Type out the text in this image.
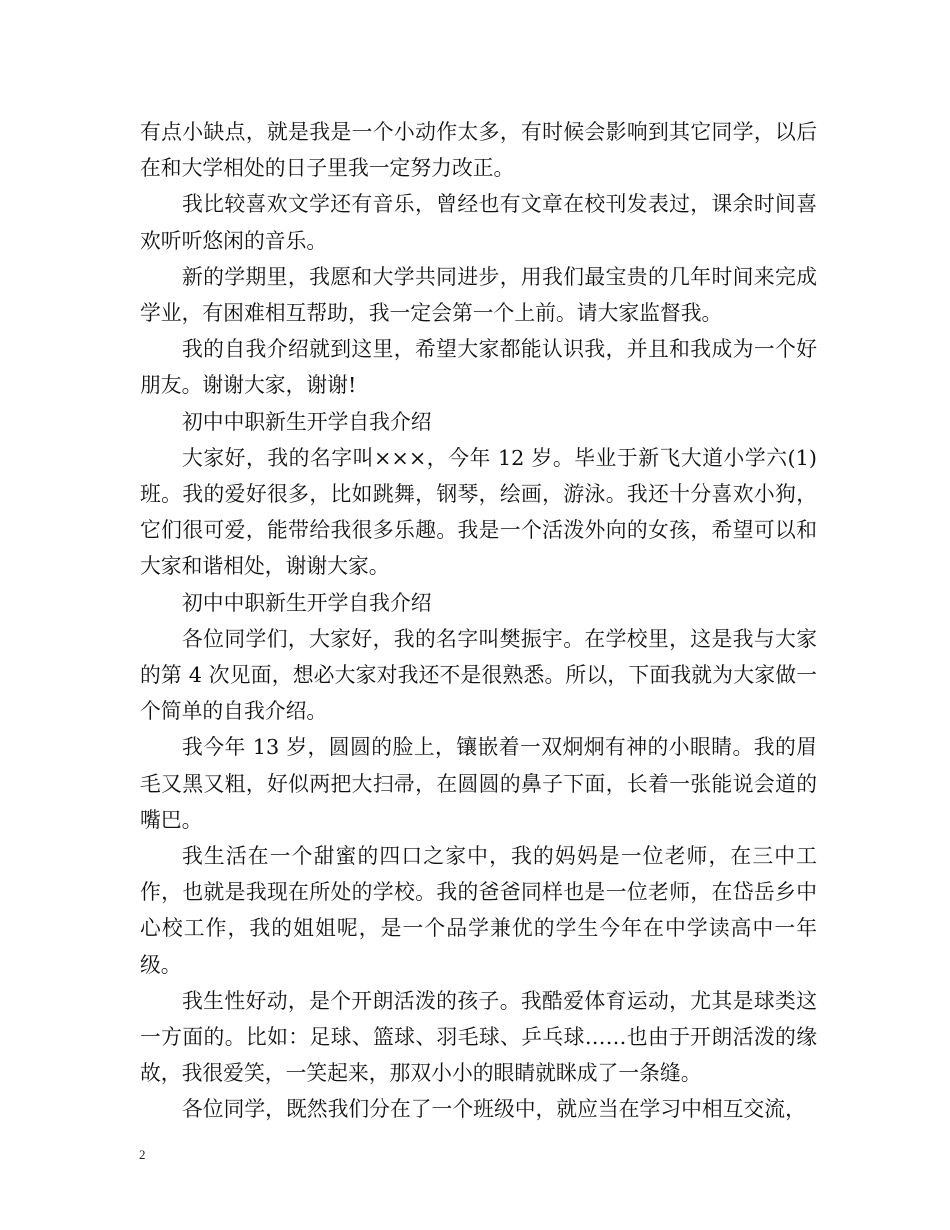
有点小缺点，就是我是一个小动作太多，有时候会影响到其它同学，以后在和大学相处的日子里我一定努力改正。

我比较喜欢文学还有音乐，曾经也有文章在校刊发表过，课余时间喜欢听听悠闲的音乐。

新的学期里，我愿和大学共同进步，用我们最宝贵的几年时间来完成学业，有困难相互帮助，我一定会第一个上前。请大家监督我。

我的自我介绍就到这里，希望大家都能认识我，并且和我成为一个好朋友。谢谢大家，谢谢!

初中中职新生开学自我介绍

大家好，我的名字叫×××，今年 12 岁。毕业于新飞大道小学六(1)班。我的爱好很多，比如跳舞，钢琴，绘画，游泳。我还十分喜欢小狗，它们很可爱，能带给我很多乐趣。我是一个活泼外向的女孩，希望可以和大家和谐相处，谢谢大家。

初中中职新生开学自我介绍

各位同学们，大家好，我的名字叫樊振宇。在学校里，这是我与大家的第 4 次见面，想必大家对我还不是很熟悉。所以，下面我就为大家做一个简单的自我介绍。

我今年 13 岁，圆圆的脸上，镶嵌着一双炯炯有神的小眼睛。我的眉毛又黑又粗，好似两把大扫帚，在圆圆的鼻子下面，长着一张能说会道的嘴巴。

我生活在一个甜蜜的四口之家中，我的妈妈是一位老师，在三中工作，也就是我现在所处的学校。我的爸爸同样也是一位老师，在岱岳乡中心校工作，我的姐姐呢，是一个品学兼优的学生今年在中学读高中一年级。

我生性好动，是个开朗活泼的孩子。我酷爱体育运动，尤其是球类这一方面的。比如：足球、篮球、羽毛球、乒乓球……也由于开朗活泼的缘故，我很爱笑，一笑起来，那双小小的眼睛就眯成了一条缝。

各位同学，既然我们分在了一个班级中，就应当在学习中相互交流，

2
